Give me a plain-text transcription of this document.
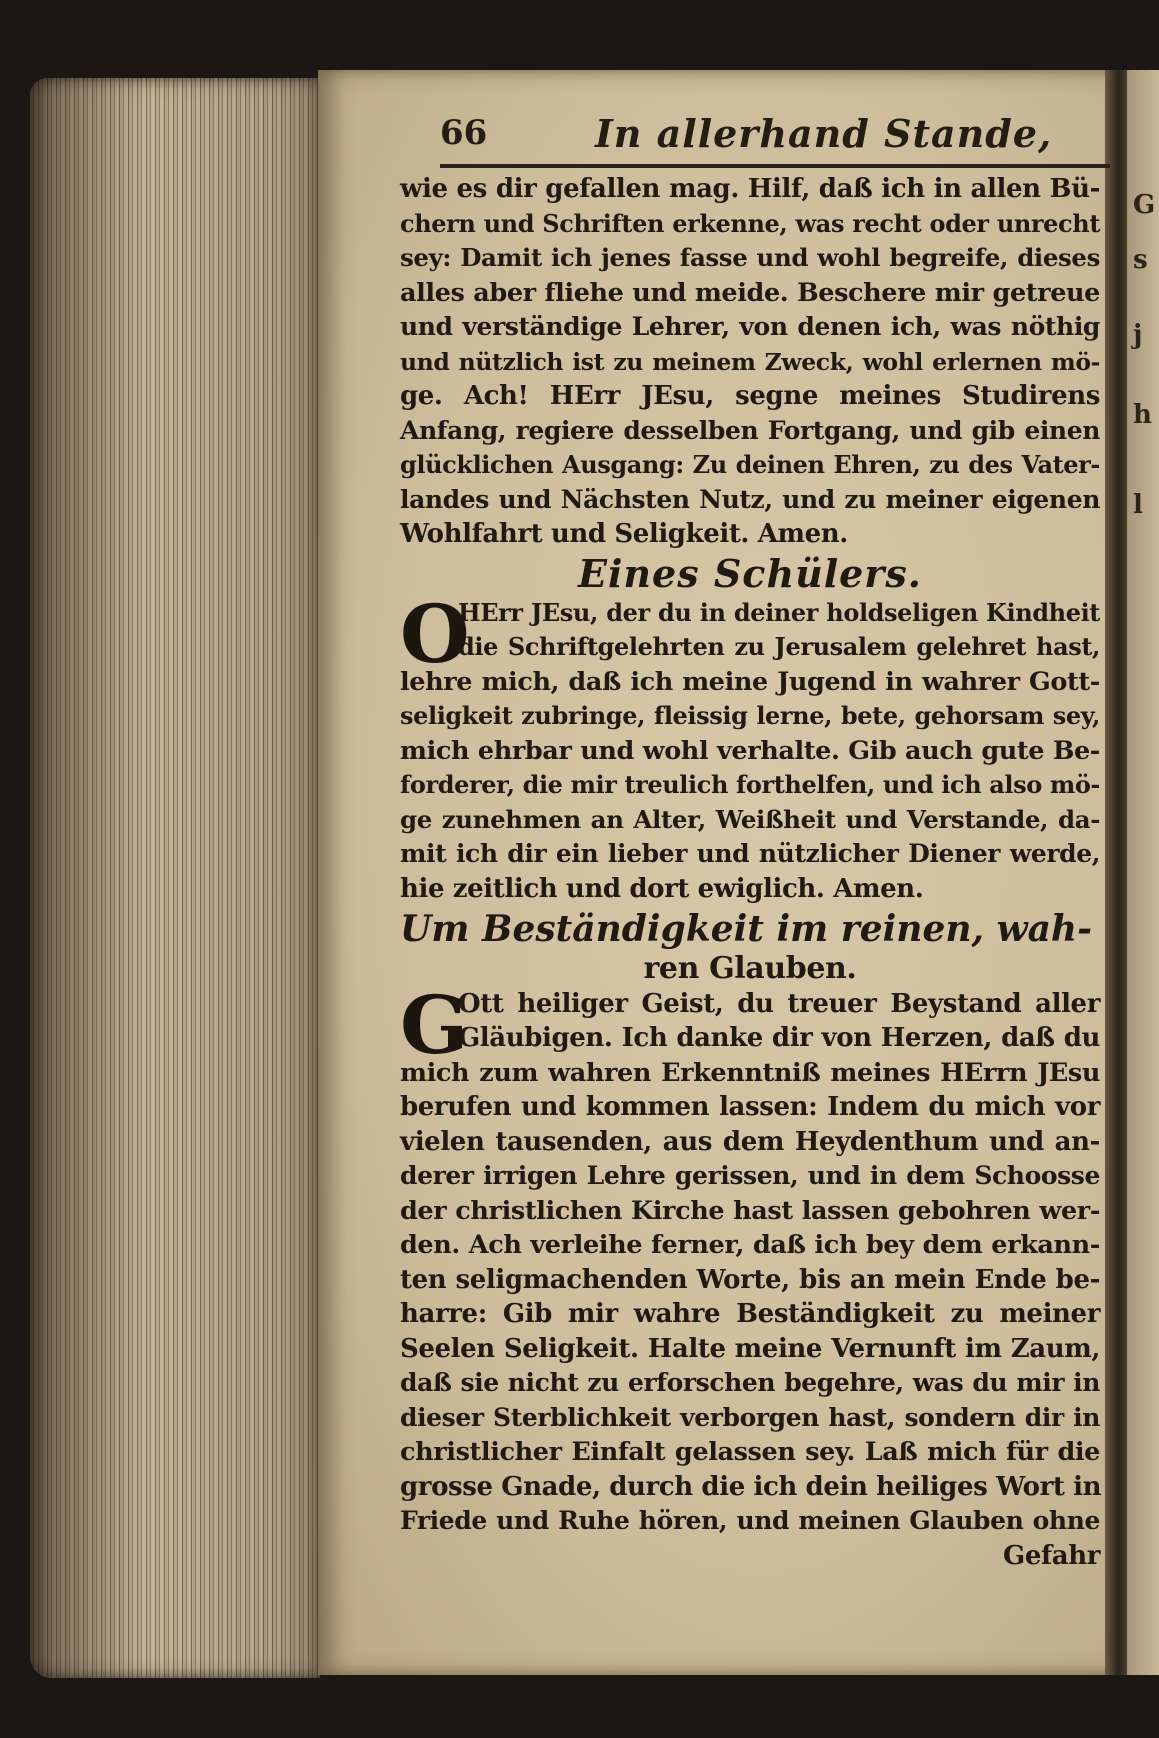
G
s
j
h
l
66	In allerhand Stande,
wie es dir gefallen mag. Hilf, daß ich in allen Bü-
chern und Schriften erkenne, was recht oder unrecht
sey: Damit ich jenes fasse und wohl begreife, dieses
alles aber fliehe und meide. Beschere mir getreue
und verständige Lehrer, von denen ich, was nöthig
und nützlich ist zu meinem Zweck, wohl erlernen mö-
ge. Ach! HErr JEsu, segne meines Studirens
Anfang, regiere desselben Fortgang, und gib einen
glücklichen Ausgang: Zu deinen Ehren, zu des Vater-
landes und Nächsten Nutz, und zu meiner eigenen
Wohlfahrt und Seligkeit. Amen.
Eines Schülers.
O
HErr JEsu, der du in deiner holdseligen Kindheit
die Schriftgelehrten zu Jerusalem gelehret hast,
lehre mich, daß ich meine Jugend in wahrer Gott-
seligkeit zubringe, fleissig lerne, bete, gehorsam sey,
mich ehrbar und wohl verhalte. Gib auch gute Be-
forderer, die mir treulich forthelfen, und ich also mö-
ge zunehmen an Alter, Weißheit und Verstande, da-
mit ich dir ein lieber und nützlicher Diener werde,
hie zeitlich und dort ewiglich. Amen.
Um Beständigkeit im reinen, wah-
ren Glauben.
G
Ott heiliger Geist, du treuer Beystand aller
Gläubigen. Ich danke dir von Herzen, daß du
mich zum wahren Erkenntniß meines HErrn JEsu
berufen und kommen lassen: Indem du mich vor
vielen tausenden, aus dem Heydenthum und an-
derer irrigen Lehre gerissen, und in dem Schoosse
der christlichen Kirche hast lassen gebohren wer-
den. Ach verleihe ferner, daß ich bey dem erkann-
ten seligmachenden Worte, bis an mein Ende be-
harre: Gib mir wahre Beständigkeit zu meiner
Seelen Seligkeit. Halte meine Vernunft im Zaum,
daß sie nicht zu erforschen begehre, was du mir in
dieser Sterblichkeit verborgen hast, sondern dir in
christlicher Einfalt gelassen sey. Laß mich für die
grosse Gnade, durch die ich dein heiliges Wort in
Friede und Ruhe hören, und meinen Glauben ohne
Gefahr
